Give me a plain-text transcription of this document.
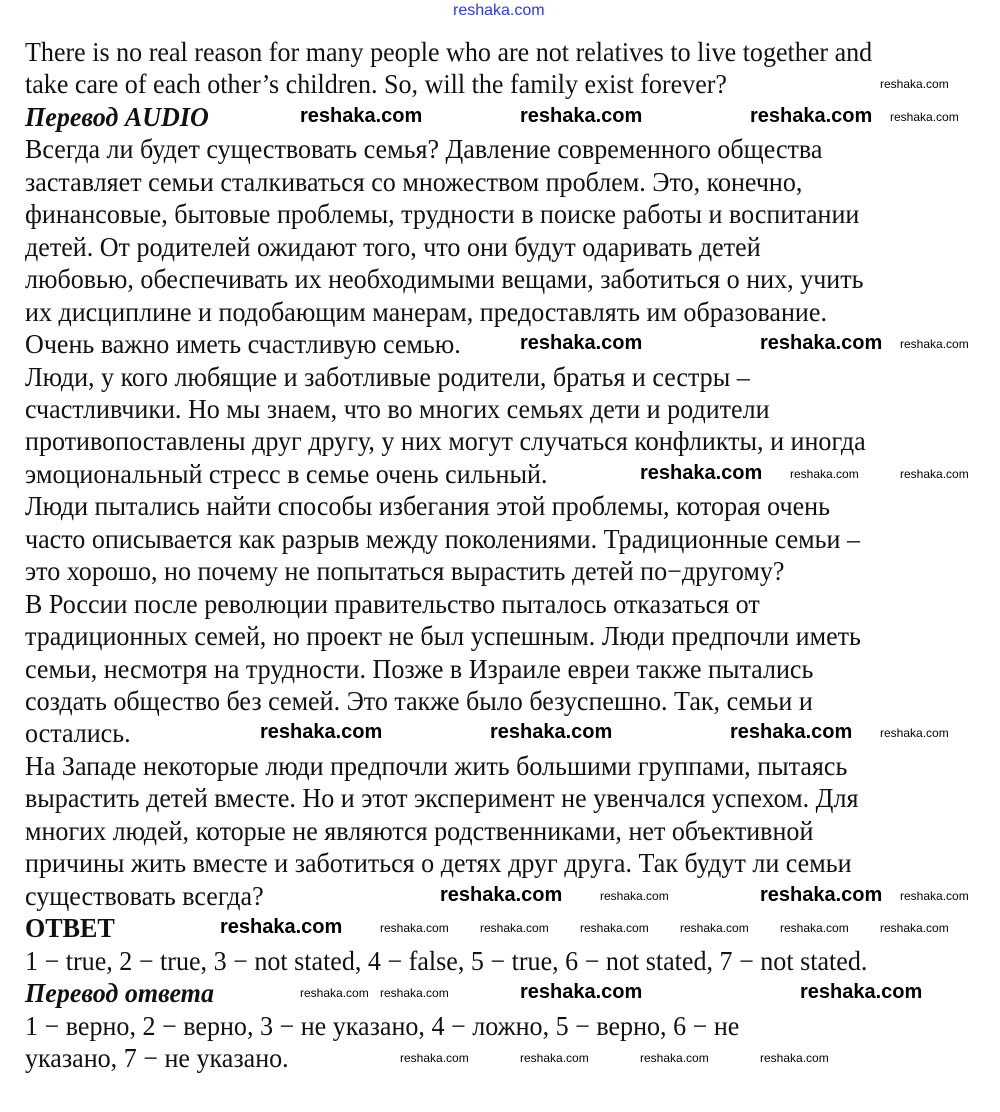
reshaka.com
There is no real reason for many people who are not relatives to live together and
take care of each other’s children. So, will the family exist forever?
Перевод AUDIO
Всегда ли будет существовать семья? Давление современного общества
заставляет семьи сталкиваться со множеством проблем. Это, конечно,
финансовые, бытовые проблемы, трудности в поиске работы и воспитании
детей. От родителей ожидают того, что они будут одаривать детей
любовью, обеспечивать их необходимыми вещами, заботиться о них, учить
их дисциплине и подобающим манерам, предоставлять им образование.
Очень важно иметь счастливую семью.
Люди, у кого любящие и заботливые родители, братья и сестры –
счастливчики. Но мы знаем, что во многих семьях дети и родители
противопоставлены друг другу, у них могут случаться конфликты, и иногда
эмоциональный стресс в семье очень сильный.
Люди пытались найти способы избегания этой проблемы, которая очень
часто описывается как разрыв между поколениями. Традиционные семьи –
это хорошо, но почему не попытаться вырастить детей по−другому?
В России после революции правительство пыталось отказаться от
традиционных семей, но проект не был успешным. Люди предпочли иметь
семьи, несмотря на трудности. Позже в Израиле евреи также пытались
создать общество без семей. Это также было безуспешно. Так, семьи и
остались.
На Западе некоторые люди предпочли жить большими группами, пытаясь
вырастить детей вместе. Но и этот эксперимент не увенчался успехом. Для
многих людей, которые не являются родственниками, нет объективной
причины жить вместе и заботиться о детях друг друга. Так будут ли семьи
существовать всегда?
ОТВЕТ
1 − true, 2 − true, 3 − not stated, 4 − false, 5 − true, 6 − not stated, 7 − not stated.
Перевод ответа
1 − верно, 2 − верно, 3 − не указано, 4 − ложно, 5 − верно, 6 − не
указано, 7 − не указано.
reshaka.com	reshaka.com	reshaka.com
reshaka.com	reshaka.com
reshaka.com
reshaka.com	reshaka.com	reshaka.com
reshaka.com	reshaka.com
reshaka.com
reshaka.com	reshaka.com
reshaka.com
reshaka.com
reshaka.com
reshaka.com	reshaka.com
reshaka.com
reshaka.com	reshaka.com
reshaka.com	reshaka.com	reshaka.com	reshaka.com	reshaka.com	reshaka.com
reshaka.com reshaka.com
reshaka.com	reshaka.com	reshaka.com	reshaka.com
